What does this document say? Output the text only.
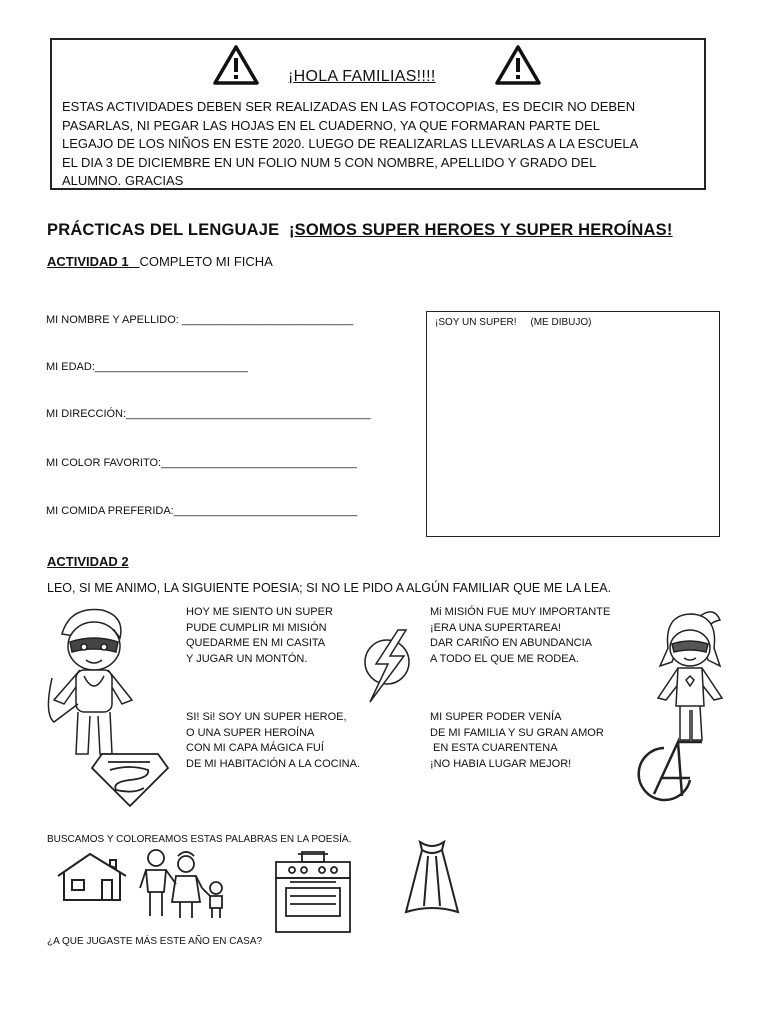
¡HOLA FAMILIAS!!!!
ESTAS ACTIVIDADES DEBEN SER REALIZADAS EN LAS FOTOCOPIAS, ES DECIR NO DEBEN
PASARLAS, NI PEGAR LAS HOJAS EN EL CUADERNO, YA QUE FORMARAN PARTE DEL
LEGAJO DE LOS NIÑOS EN ESTE 2020. LUEGO DE REALIZARLAS LLEVARLAS A LA ESCUELA
EL DIA 3 DE DICIEMBRE EN UN FOLIO NUM 5 CON NOMBRE, APELLIDO Y GRADO DEL
ALUMNO. GRACIAS
PRÁCTICAS DEL LENGUAJE ¡SOMOS SUPER HEROES Y SUPER HEROÍNAS!
ACTIVIDAD 1 COMPLETO MI FICHA
MI NOMBRE Y APELLIDO: ____________________________
MI EDAD:_________________________
MI DIRECCIÓN:________________________________________
MI COLOR FAVORITO:________________________________
MI COMIDA PREFERIDA:______________________________
¡SOY UN SUPER!     (ME DIBUJO)
ACTIVIDAD 2
LEO, SI ME ANIMO, LA SIGUIENTE POESIA; SI NO LE PIDO A ALGÚN FAMILIAR QUE ME LA LEA.
HOY ME SIENTO UN SUPER
PUDE CUMPLIR MI MISIÓN
QUEDARME EN MI CASITA
Y JUGAR UN MONTÓN.
Mi MISIÓN FUE MUY IMPORTANTE
¡ERA UNA SUPERTAREA!
DAR CARIÑO EN ABUNDANCIA
A TODO EL QUE ME RODEA.
SI! Si! SOY UN SUPER HEROE,
O UNA SUPER HEROÍNA
CON MI CAPA MÁGICA FUÍ
DE MI HABITACIÓN A LA COCINA.
MI SUPER PODER VENÍA
DE MI FAMILIA Y SU GRAN AMOR
EN ESTA CUARENTENA
¡NO HABIA LUGAR MEJOR!
BUSCAMOS Y COLOREAMOS ESTAS PALABRAS EN LA POESÍA.
¿A QUE JUGASTE MÁS ESTE AÑO EN CASA?
